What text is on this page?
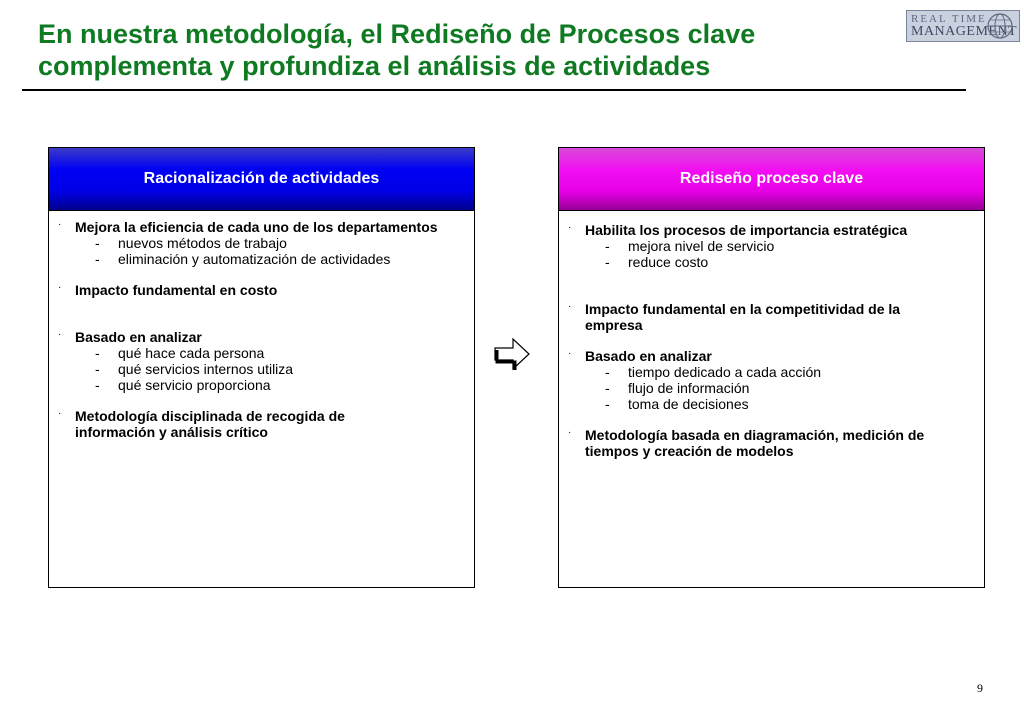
En nuestra metodología, el Rediseño de Procesos clave
complementa y profundiza el análisis de actividades
REAL TIME
MANAGEMENT
Racionalización de actividades
· Mejora la eficiencia de cada uno de los departamentos
-	nuevos métodos de trabajo
-	eliminación y automatización de actividades
· Impacto fundamental en costo
· Basado en analizar
-	qué hace cada persona
-	qué servicios internos utiliza
-	qué servicio proporciona
· Metodología disciplinada de recogida de información y análisis crítico
Rediseño proceso clave
· Habilita los procesos de importancia estratégica
-	mejora nivel de servicio
-	reduce costo
· Impacto fundamental en la competitividad de la empresa
· Basado en analizar
-	tiempo dedicado a cada acción
-	flujo de información
-	toma de decisiones
· Metodología basada en diagramación, medición de tiempos y creación de modelos
9
